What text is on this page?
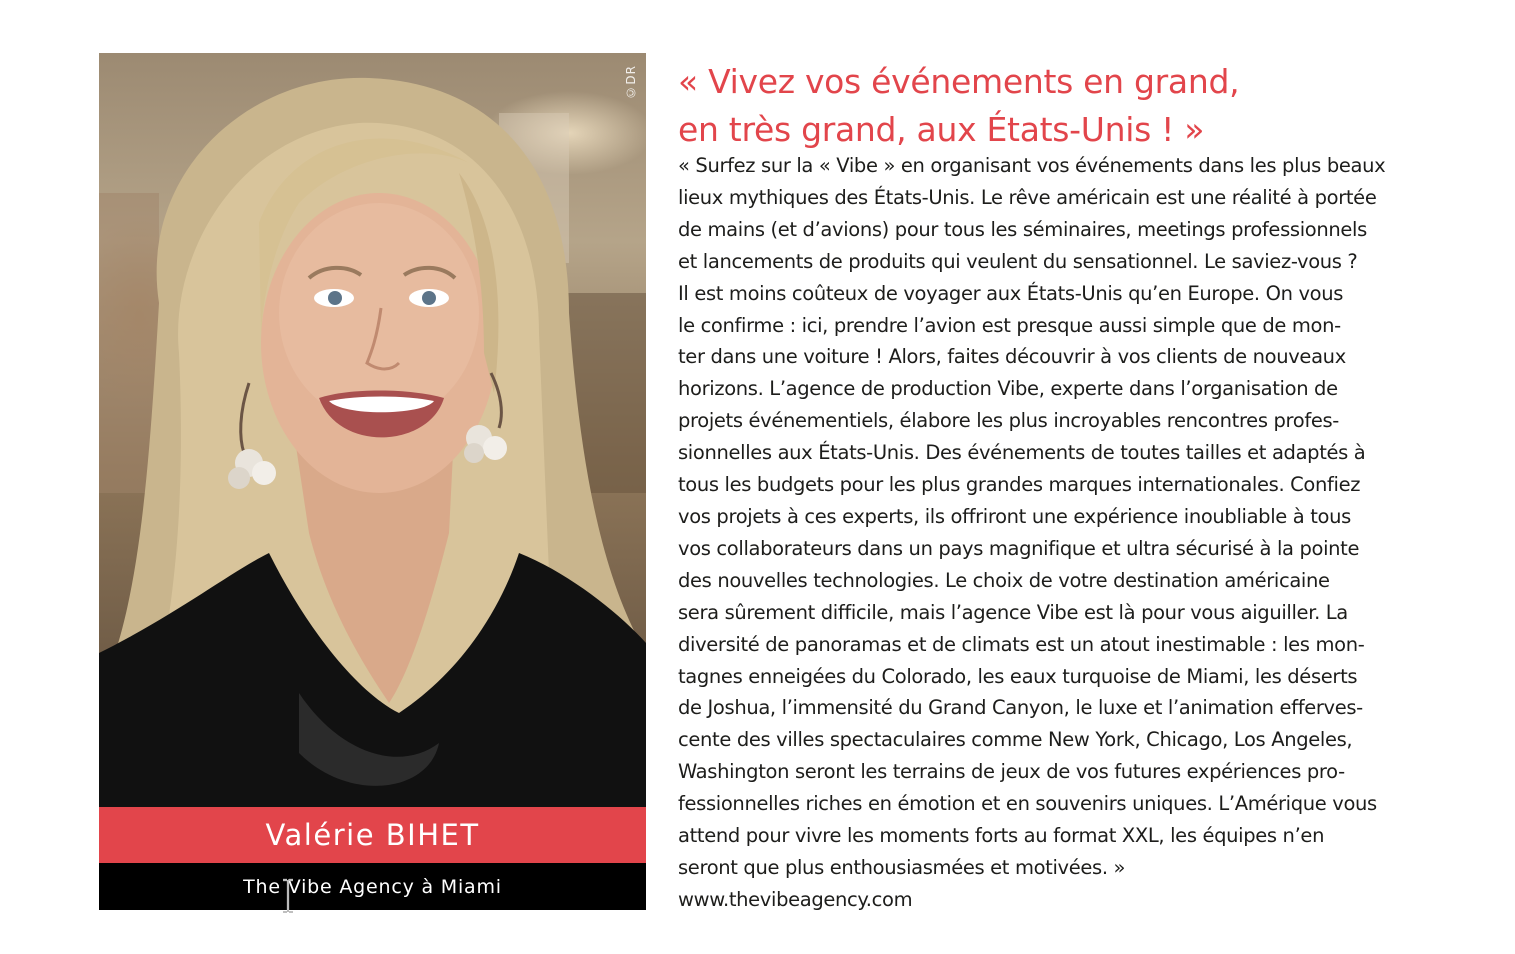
©DR
Valérie BIHET
The Vibe Agency à Miami
« Vivez vos événements en grand,
en très grand, aux États-Unis ! »
« Surfez sur la « Vibe » en organisant vos événements dans les plus beaux
lieux mythiques des États-Unis. Le rêve américain est une réalité à portée
de mains (et d’avions) pour tous les séminaires, meetings professionnels
et lancements de produits qui veulent du sensationnel. Le saviez-vous ?
Il est moins coûteux de voyager aux États-Unis qu’en Europe. On vous
le confirme : ici, prendre l’avion est presque aussi simple que de mon-
ter dans une voiture ! Alors, faites découvrir à vos clients de nouveaux
horizons. L’agence de production Vibe, experte dans l’organisation de
projets événementiels, élabore les plus incroyables rencontres profes-
sionnelles aux États-Unis. Des événements de toutes tailles et adaptés à
tous les budgets pour les plus grandes marques internationales. Confiez
vos projets à ces experts, ils offriront une expérience inoubliable à tous
vos collaborateurs dans un pays magnifique et ultra sécurisé à la pointe
des nouvelles technologies. Le choix de votre destination américaine
sera sûrement difficile, mais l’agence Vibe est là pour vous aiguiller. La
diversité de panoramas et de climats est un atout inestimable : les mon-
tagnes enneigées du Colorado, les eaux turquoise de Miami, les déserts
de Joshua, l’immensité du Grand Canyon, le luxe et l’animation efferves-
cente des villes spectaculaires comme New York, Chicago, Los Angeles,
Washington seront les terrains de jeux de vos futures expériences pro-
fessionnelles riches en émotion et en souvenirs uniques. L’Amérique vous
attend pour vivre les moments forts au format XXL, les équipes n’en
seront que plus enthousiasmées et motivées. »
www.thevibeagency.com
